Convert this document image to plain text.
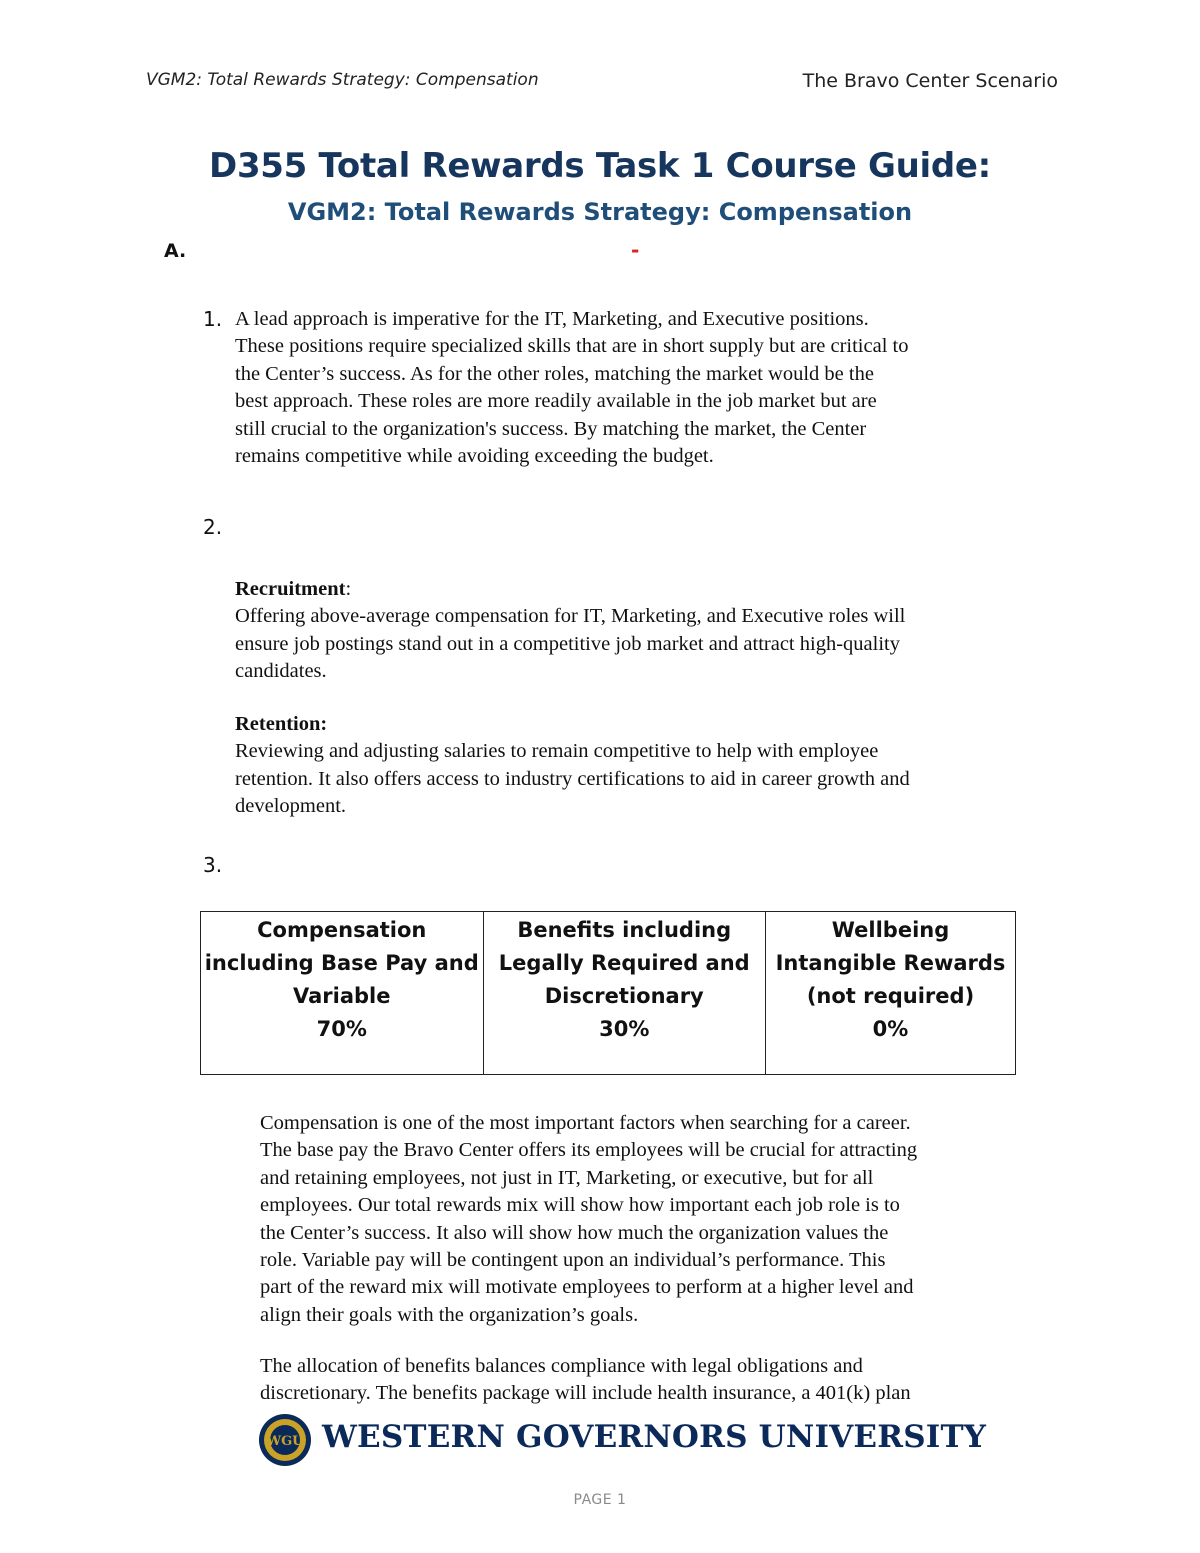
VGM2: Total Rewards Strategy: Compensation	The Bravo Center Scenario
D355 Total Rewards Task 1 Course Guide:
VGM2: Total Rewards Strategy: Compensation
A.	-
1. A lead approach is imperative for the IT, Marketing, and Executive positions.
These positions require specialized skills that are in short supply but are critical to
the Center’s success. As for the other roles, matching the market would be the
best approach. These roles are more readily available in the job market but are
still crucial to the organization's success. By matching the market, the Center
remains competitive while avoiding exceeding the budget.
2.
Recruitment:
Offering above-average compensation for IT, Marketing, and Executive roles will
ensure job postings stand out in a competitive job market and attract high-quality
candidates.
Retention:
Reviewing and adjusting salaries to remain competitive to help with employee
retention. It also offers access to industry certifications to aid in career growth and
development.
3.
Compensation
including Base Pay and
Variable
70%

Benefits including
Legally Required and
Discretionary
30%

Wellbeing
Intangible Rewards
(not required)
0%
Compensation is one of the most important factors when searching for a career.
The base pay the Bravo Center offers its employees will be crucial for attracting
and retaining employees, not just in IT, Marketing, or executive, but for all
employees. Our total rewards mix will show how important each job role is to
the Center’s success. It also will show how much the organization values the
role. Variable pay will be contingent upon an individual’s performance. This
part of the reward mix will motivate employees to perform at a higher level and
align their goals with the organization’s goals.
The allocation of benefits balances compliance with legal obligations and
discretionary. The benefits package will include health insurance, a 401(k) plan
WGU WESTERN GOVERNORS UNIVERSITY
PAGE 1
